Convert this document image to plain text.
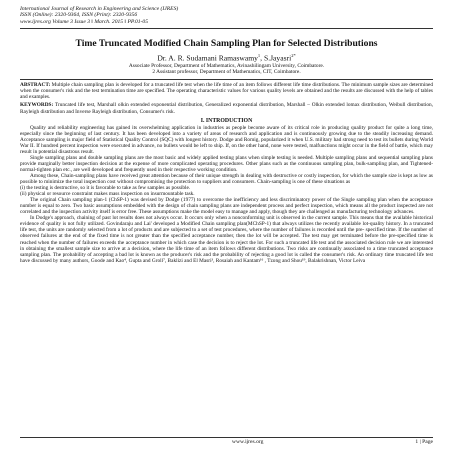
International Journal of Research in Engineering and Science (IJRES)
ISSN (Online): 2320-9364, ISSN (Print): 2320-9356
www.ijres.org Volume 3 Issue 3 ǁ March. 2015 ǁ PP.01-05
Time Truncated Modified Chain Sampling Plan for Selected Distributions
Dr. A. R. Sudamani Ramaswamy$^1$, S.Jayasri$^{2*}$
Associate Professor, Department of Mathematics, Avinashilingam University, Coimbatore.
2 Assistant professor, Department of Mathematics, CIT, Coimbatore.
ABSTRACT: Multiple chain sampling plan is developed for a truncated life test when the life time of an item follows different life time distributions. The minimum sample sizes are determined when the consumer's risk and the test termination time are specified. The operating characteristic values for various quality levels are obtained and the results are discussed with the help of tables and examples.
KEYWORDS: Truncated life test, Marshall olkin extended exponential distribution, Generalized exponential distribution, Marshall – Olkin extended lomax distribution, Weibull distribution, Rayleigh distribution and Inverse Rayleigh distribution, Consumer's risk.
I. INTRODUCTION

Quality and reliability engineering has gained its overwhelming application in industries as people become aware of its critical role in producing quality product for quite a long time, especially since the beginning of last century. It has been developed into a variety of areas of research and application and is continuously growing due to the steadily increasing demand. Acceptance sampling is major field of Statistical Quality Control (SQC) with longest history. Dodge and Romig, popularized it when U.S. military had strong need to test its bullets during World War II. If hundred percent inspection were executed in advance, no bullets would be left to ship. If, on the other hand, none were tested, malfunctions might occur in the field of battle, which may result in potential disastrous result.

Single sampling plans and double sampling plans are the most basic and widely applied testing plans when simple testing is needed. Multiple sampling plans and sequential sampling plans provide marginally better inspection decision at the expense of more complicated operating procedures. Other plans such as the continuous sampling plan, bulk-sampling plan, and Tightened-normal-tighten plan etc., are well developed and frequently used in their respective working condition.

Among these, Chain-sampling plans have received great attention because of their unique strength in dealing with destructive or costly inspection, for which the sample size is kept as low as possible to minimize the total inspection cost without compromising the protection to suppliers and consumers. Chain-sampling is one of these situations as

(i) the testing is destructive, so it is favorable to take as few samples as possible.

(ii) physical or resource constraint makes mass inspection on insurmountable task.

The original Chain sampling plan-1 (ChSP-1) was devised by Dodge (1977) to overcome the inefficiency and less discriminatory power of the Single sampling plan when the acceptance number is equal to zero. Two basic assumptions embedded with the design of chain sampling plans are independent process and perfect inspection, which means all the product inspected are not correlated and the inspection activity itself is error free. These assumptions make the model easy to manage and apply, though they are challenged as manufacturing technology advances.

In Dodge's approach, chaining of past lot results does not always occur. It occurs only when a nonconforming unit is observed in the current sample. This means that the available historical evidence of quality is not fully utilized. Govindaraju and Lai' developed a Modified Chain sampling plan(MChSP-1) that always utilizes the recently available lot-quality history. In a truncated life test, the units are randomly selected from a lot of products and are subjected to a set of test procedures, where the number of failures is recorded until the pre- specified time. If the number of observed failures at the end of the fixed time is not greater than the specified acceptance number, then the lot will be accepted. The test may get terminated before the pre-specified time is reached when the number of failures exceeds the acceptance number in which case the decision is to reject the lot. For such a truncated life test and the associated decision rule we are interested in obtaining the smallest sample size to arrive at a decision, where the life time of an item follows different distributions. Two risks are continually associated to a time truncated acceptance sampling plan. The probability of accepting a bad lot is known as the producer's risk and the probability of rejecting a good lot is called the consumer's risk. An ordinary time truncated life test have discussed by many authors, Goode and Kao⁴, Gupta and Groll⁷, Baklizi and El Masri³, Rosaiah and Kantam¹⁶ , Tzong and Shou¹⁹, Balakrishnan, Victor Leiva

www.ijres.org	1 | Page
